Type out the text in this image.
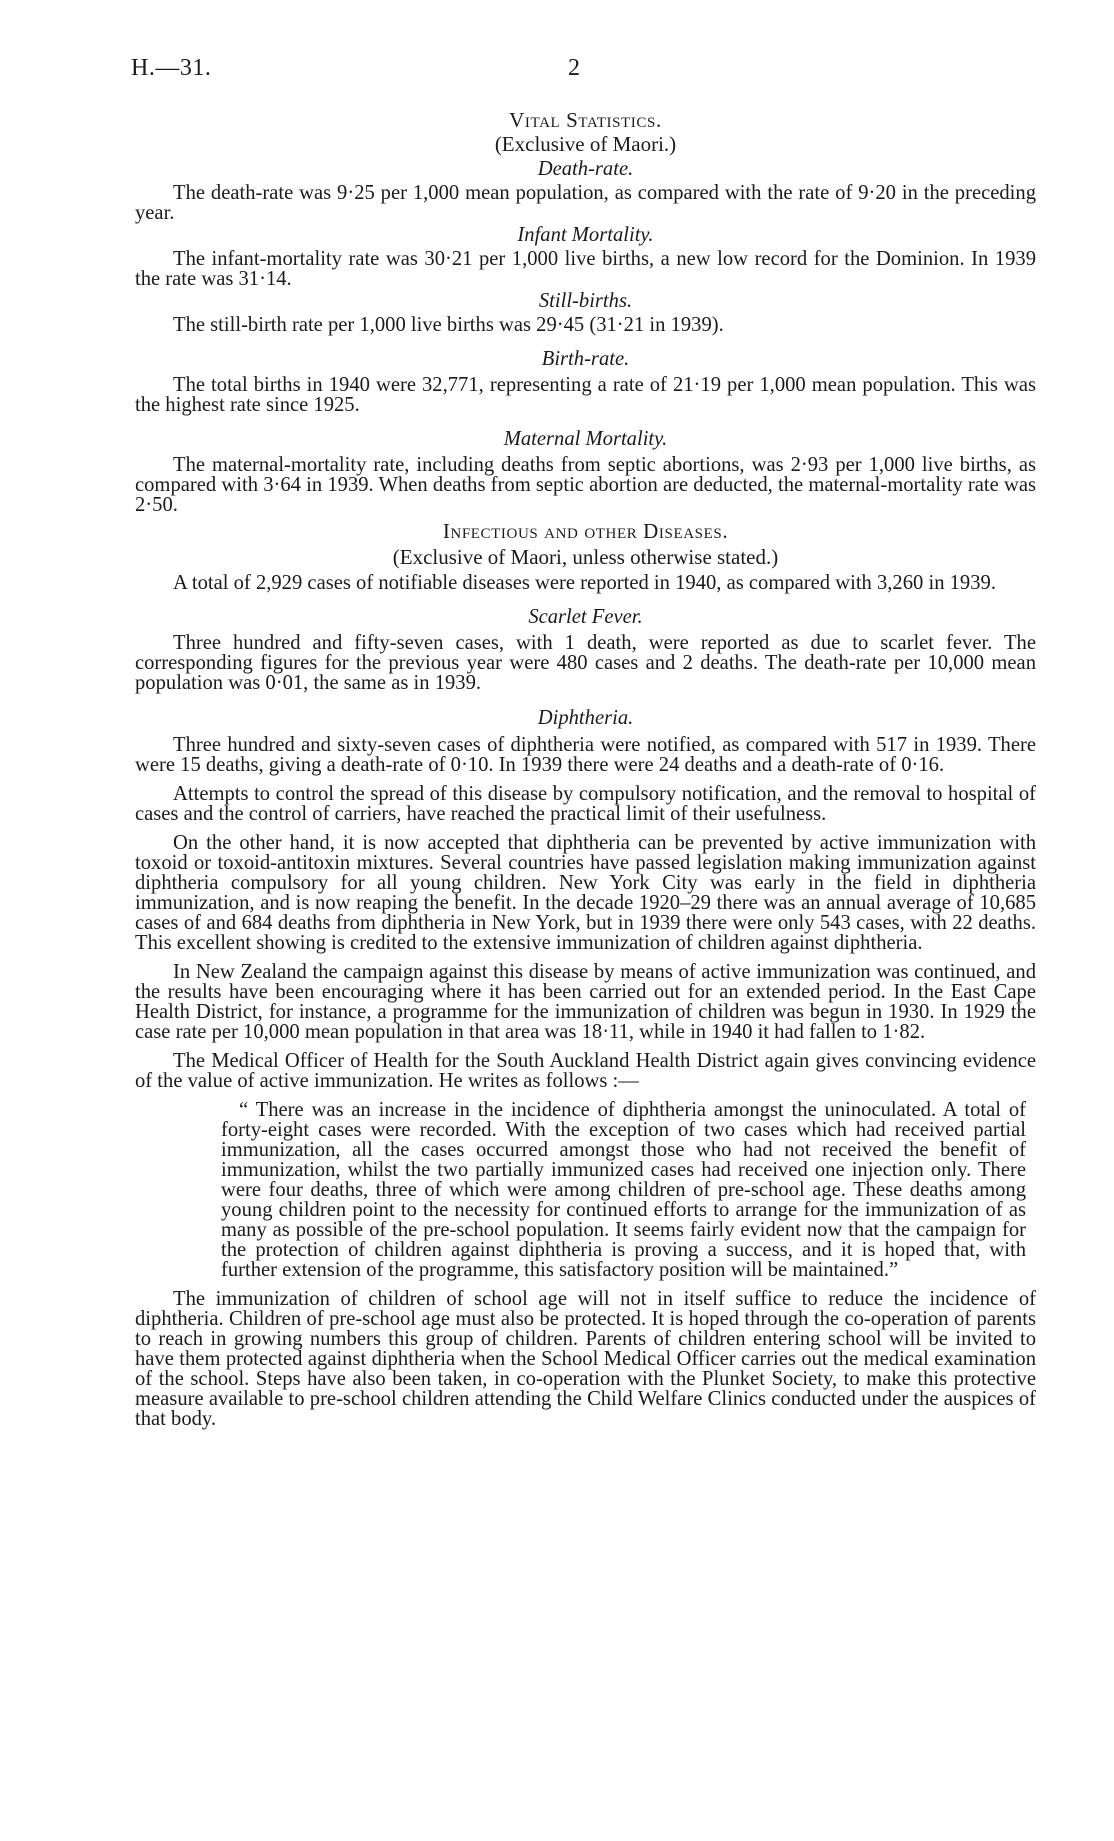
H.—31.	2

Vital Statistics.

(Exclusive of Maori.)

Death-rate.

The death-rate was 9·25 per 1,000 mean population, as compared with the rate of 9·20 in the preceding year.

Infant Mortality.

The infant-mortality rate was 30·21 per 1,000 live births, a new low record for the Dominion. In 1939 the rate was 31·14.

Still-births.

The still-birth rate per 1,000 live births was 29·45 (31·21 in 1939).

Birth-rate.

The total births in 1940 were 32,771, representing a rate of 21·19 per 1,000 mean population. This was the highest rate since 1925.

Maternal Mortality.

The maternal-mortality rate, including deaths from septic abortions, was 2·93 per 1,000 live births, as compared with 3·64 in 1939. When deaths from septic abortion are deducted, the maternal-mortality rate was 2·50.

Infectious and other Diseases.

(Exclusive of Maori, unless otherwise stated.)

A total of 2,929 cases of notifiable diseases were reported in 1940, as compared with 3,260 in 1939.

Scarlet Fever.

Three hundred and fifty-seven cases, with 1 death, were reported as due to scarlet fever. The corresponding figures for the previous year were 480 cases and 2 deaths. The death-rate per 10,000 mean population was 0·01, the same as in 1939.

Diphtheria.

Three hundred and sixty-seven cases of diphtheria were notified, as compared with 517 in 1939. There were 15 deaths, giving a death-rate of 0·10. In 1939 there were 24 deaths and a death-rate of 0·16.

Attempts to control the spread of this disease by compulsory notification, and the removal to hospital of cases and the control of carriers, have reached the practical limit of their usefulness.

On the other hand, it is now accepted that diphtheria can be prevented by active immunization with toxoid or toxoid-antitoxin mixtures. Several countries have passed legislation making immunization against diphtheria compulsory for all young children. New York City was early in the field in diphtheria immunization, and is now reaping the benefit. In the decade 1920–29 there was an annual average of 10,685 cases of and 684 deaths from diphtheria in New York, but in 1939 there were only 543 cases, with 22 deaths. This excellent showing is credited to the extensive immunization of children against diphtheria.

In New Zealand the campaign against this disease by means of active immunization was continued, and the results have been encouraging where it has been carried out for an extended period. In the East Cape Health District, for instance, a programme for the immunization of children was begun in 1930. In 1929 the case rate per 10,000 mean population in that area was 18·11, while in 1940 it had fallen to 1·82.

The Medical Officer of Health for the South Auckland Health District again gives convincing evidence of the value of active immunization. He writes as follows :—

“ There was an increase in the incidence of diphtheria amongst the uninoculated. A total of forty-eight cases were recorded. With the exception of two cases which had received partial immunization, all the cases occurred amongst those who had not received the benefit of immunization, whilst the two partially immunized cases had received one injection only. There were four deaths, three of which were among children of pre-school age. These deaths among young children point to the necessity for continued efforts to arrange for the immunization of as many as possible of the pre-school population. It seems fairly evident now that the campaign for the protection of children against diphtheria is proving a success, and it is hoped that, with further extension of the programme, this satisfactory position will be maintained.”

The immunization of children of school age will not in itself suffice to reduce the incidence of diphtheria. Children of pre-school age must also be protected. It is hoped through the co-operation of parents to reach in growing numbers this group of children. Parents of children entering school will be invited to have them protected against diphtheria when the School Medical Officer carries out the medical examination of the school. Steps have also been taken, in co-operation with the Plunket Society, to make this protective measure available to pre-school children attending the Child Welfare Clinics conducted under the auspices of that body.
